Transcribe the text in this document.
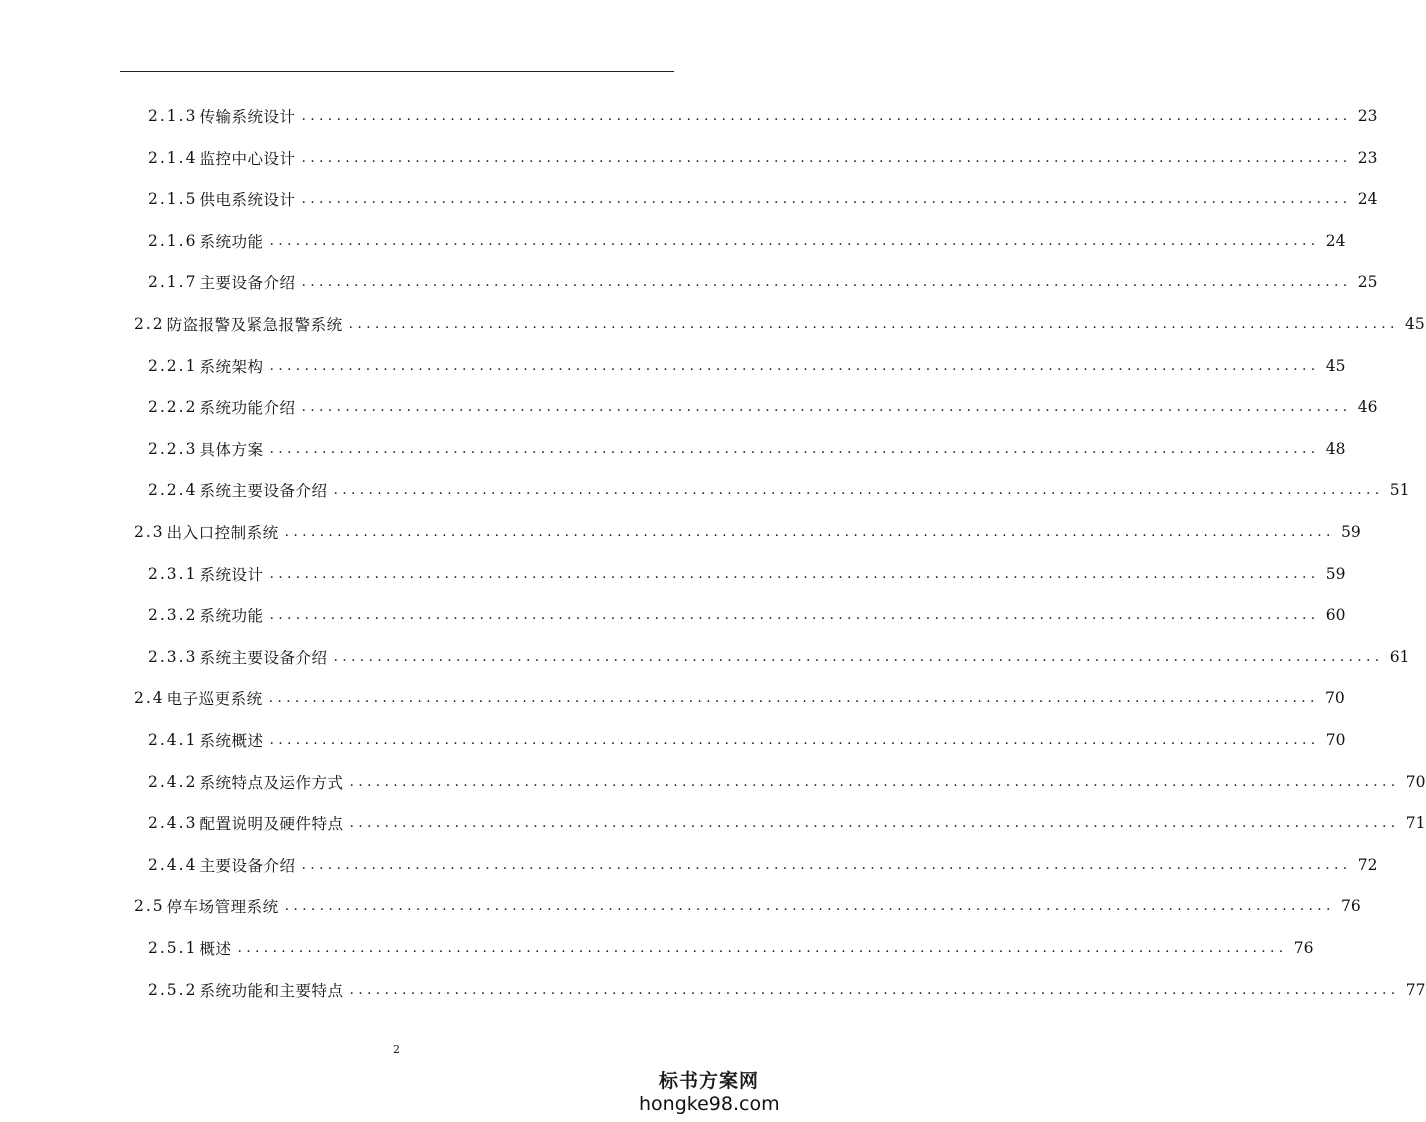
2.1.3 传输系统设计 ........................................................................................................................ 23
2.1.4 监控中心设计 ........................................................................................................................ 23
2.1.5 供电系统设计 ........................................................................................................................ 24
2.1.6 系统功能 ........................................................................................................................ 24
2.1.7 主要设备介绍 ........................................................................................................................ 25
2.2 防盗报警及紧急报警系统 ........................................................................................................................ 45
2.2.1 系统架构 ........................................................................................................................ 45
2.2.2 系统功能介绍 ........................................................................................................................ 46
2.2.3 具体方案 ........................................................................................................................ 48
2.2.4 系统主要设备介绍 ........................................................................................................................ 51
2.3 出入口控制系统 ........................................................................................................................ 59
2.3.1 系统设计 ........................................................................................................................ 59
2.3.2 系统功能 ........................................................................................................................ 60
2.3.3 系统主要设备介绍 ........................................................................................................................ 61
2.4 电子巡更系统 ........................................................................................................................ 70
2.4.1 系统概述 ........................................................................................................................ 70
2.4.2 系统特点及运作方式 ........................................................................................................................ 70
2.4.3 配置说明及硬件特点 ........................................................................................................................ 71
2.4.4 主要设备介绍 ........................................................................................................................ 72
2.5 停车场管理系统 ........................................................................................................................ 76
2.5.1 概述 ........................................................................................................................ 76
2.5.2 系统功能和主要特点 ........................................................................................................................ 77
2
标书方案网
hongke98.com
